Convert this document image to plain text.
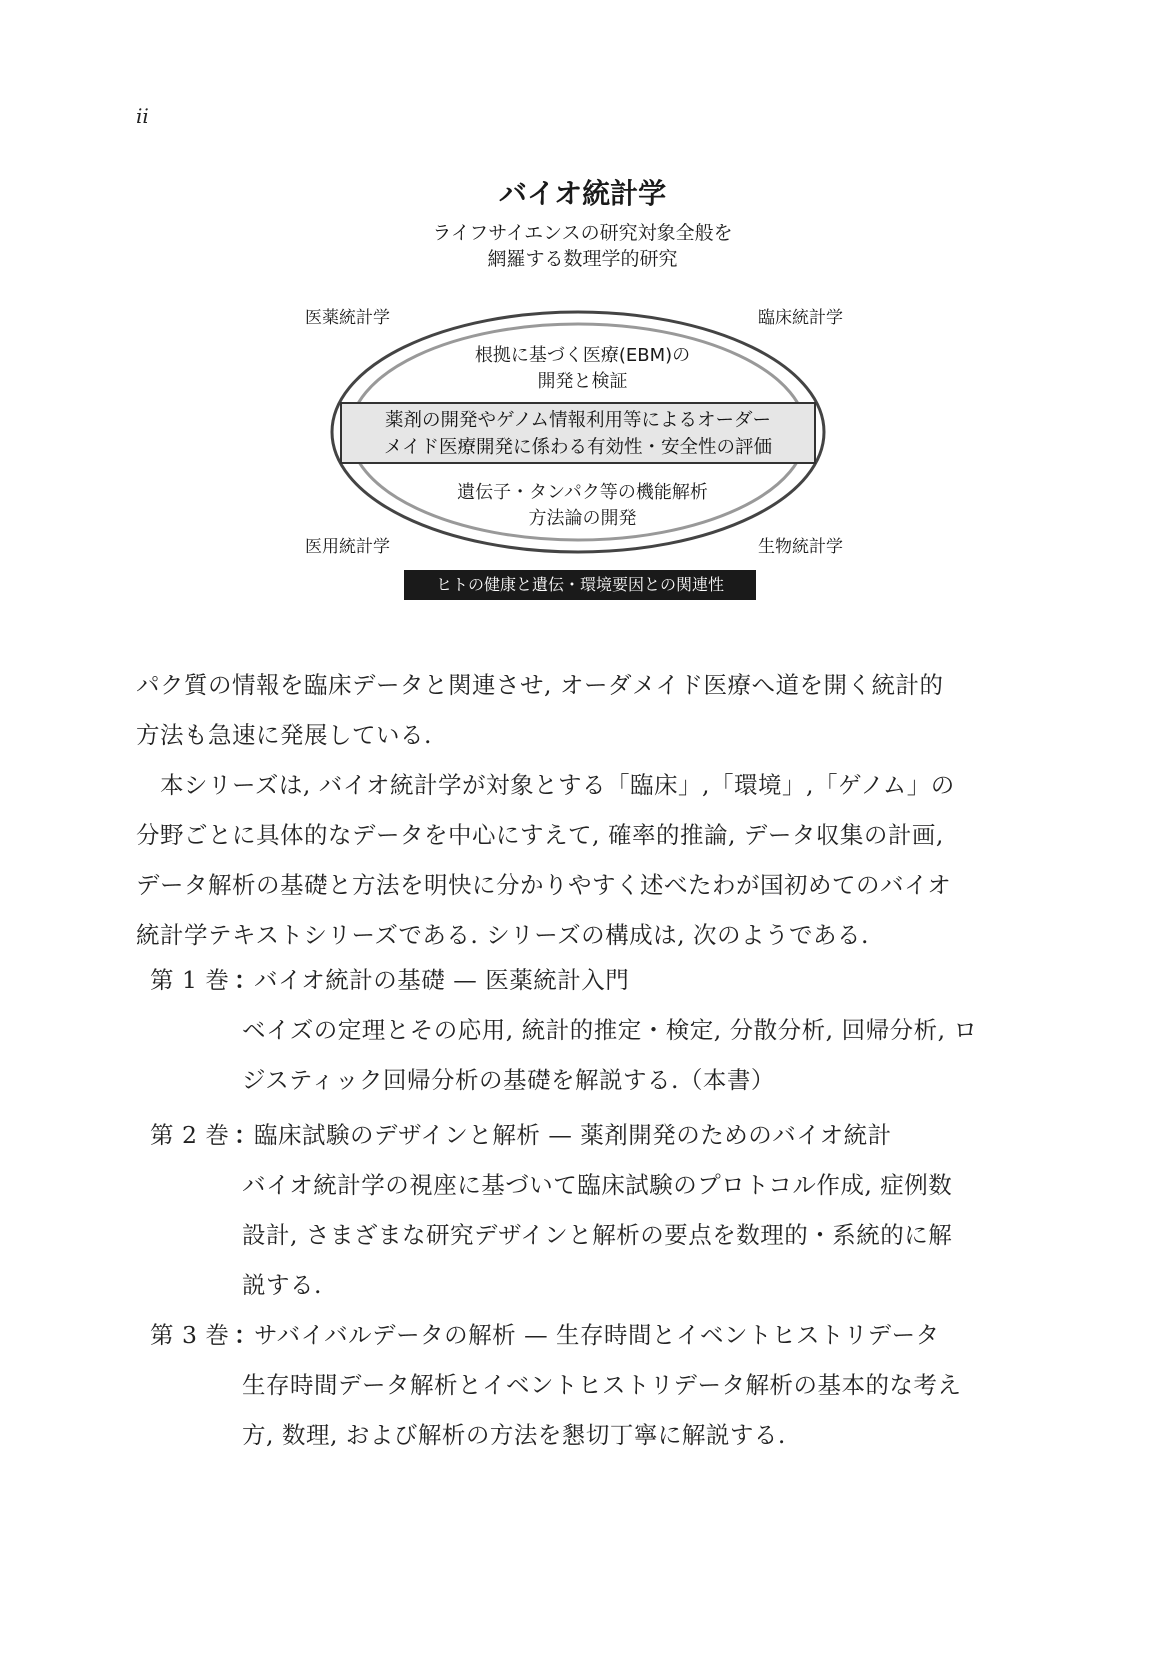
ii
バイオ統計学
ライフサイエンスの研究対象全般を
網羅する数理学的研究
医薬統計学	臨床統計学
医用統計学	生物統計学
根拠に基づく医療(EBM)の
開発と検証
薬剤の開発やゲノム情報利用等によるオーダー
メイド医療開発に係わる有効性・安全性の評価
遺伝子・タンパク等の機能解析
方法論の開発
ヒトの健康と遺伝・環境要因との関連性

パク質の情報を臨床データと関連させ, オーダメイド医療へ道を開く統計的

方法も急速に発展している.

本シリーズは, バイオ統計学が対象とする「臨床」,「環境」,「ゲノム」の

分野ごとに具体的なデータを中心にすえて, 確率的推論, データ収集の計画,

データ解析の基礎と方法を明快に分かりやすく述べたわが国初めてのバイオ

統計学テキストシリーズである. シリーズの構成は, 次のようである.

第 1 巻 ：バイオ統計の基礎 — 医薬統計入門
ベイズの定理とその応用, 統計的推定・検定, 分散分析, 回帰分析, ロ
ジスティック回帰分析の基礎を解説する.（本書）
第 2 巻 ：臨床試験のデザインと解析 — 薬剤開発のためのバイオ統計
バイオ統計学の視座に基づいて臨床試験のプロトコル作成, 症例数
設計, さまざまな研究デザインと解析の要点を数理的・系統的に解
説する.
第 3 巻 ：サバイバルデータの解析 — 生存時間とイベントヒストリデータ
生存時間データ解析とイベントヒストリデータ解析の基本的な考え
方, 数理, および解析の方法を懇切丁寧に解説する.
